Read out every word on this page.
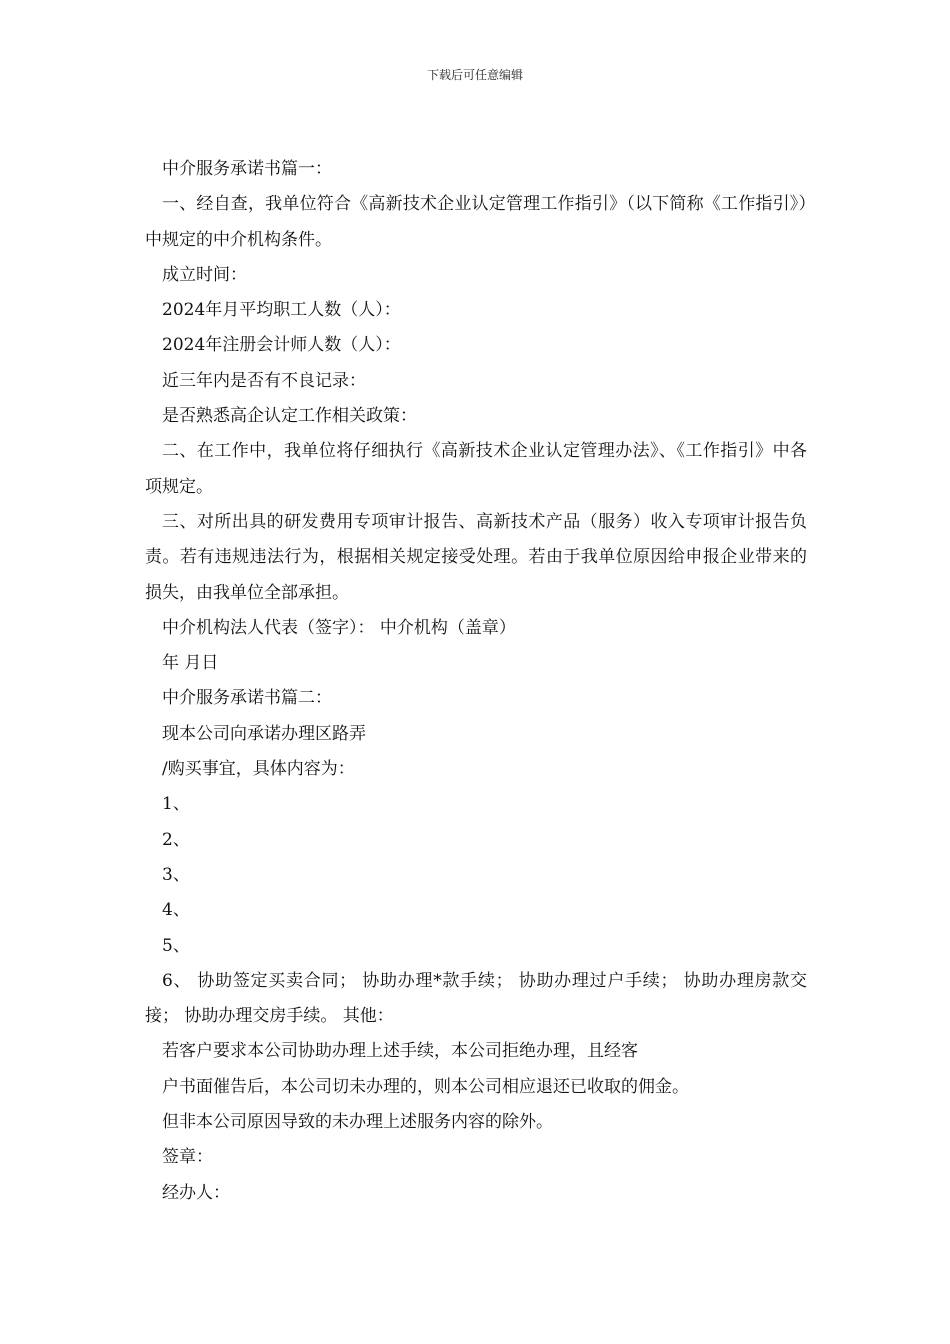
下载后可任意编辑

中介服务承诺书篇一：

一、经自查，我单位符合《高新技术企业认定管理工作指引》（以下简称《工作指引》）中规定的中介机构条件。

成立时间：

2024年月平均职工人数（人）：

2024年注册会计师人数（人）：

近三年内是否有不良记录：

是否熟悉高企认定工作相关政策：

二、在工作中，我单位将仔细执行《高新技术企业认定管理办法》、《工作指引》中各项规定。

三、对所出具的研发费用专项审计报告、高新技术产品（服务）收入专项审计报告负责。若有违规违法行为，根据相关规定接受处理。若由于我单位原因给申报企业带来的损失，由我单位全部承担。

中介机构法人代表（签字）： 中介机构（盖章）

年 月日

中介服务承诺书篇二：

现本公司向承诺办理区路弄

/购买事宜，具体内容为：

1、

2、

3、

4、

5、

6、 协助签定买卖合同； 协助办理*款手续； 协助办理过户手续； 协助办理房款交接； 协助办理交房手续。 其他：

若客户要求本公司协助办理上述手续，本公司拒绝办理，且经客

户书面催告后，本公司切未办理的，则本公司相应退还已收取的佣金。

但非本公司原因导致的未办理上述服务内容的除外。

签章：

经办人：
